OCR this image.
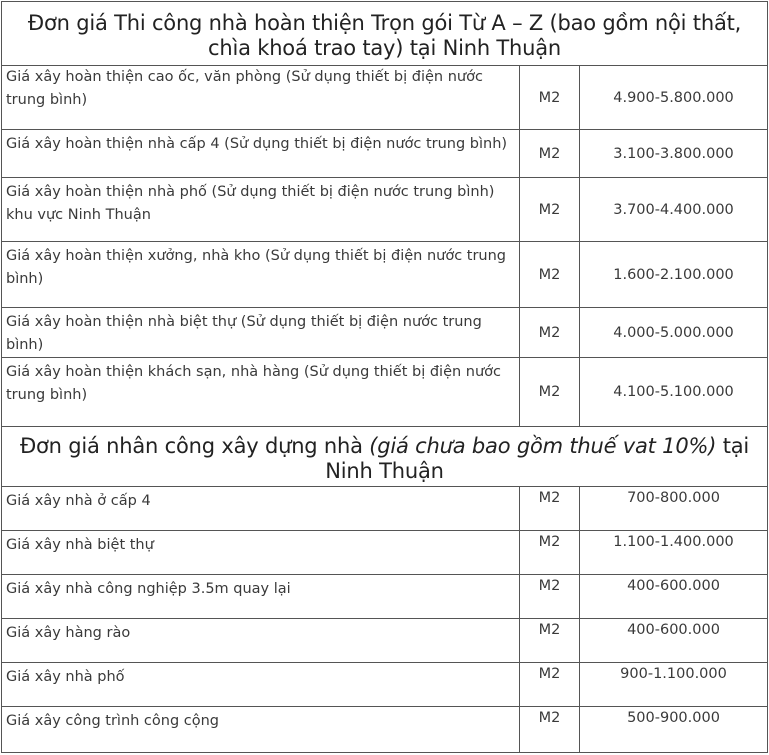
Đơn giá Thi công nhà hoàn thiện Trọn gói Từ A – Z (bao gồm nội thất, chìa khoá trao tay) tại Ninh Thuận		
Giá xây hoàn thiện cao ốc, văn phòng (Sử dụng thiết bị điện nước trung bình)	M2	4.900-5.800.000
Giá xây hoàn thiện nhà cấp 4 (Sử dụng thiết bị điện nước trung bình)	M2	3.100-3.800.000
Giá xây hoàn thiện nhà phố (Sử dụng thiết bị điện nước trung bình) khu vực Ninh Thuận	M2	3.700-4.400.000
Giá xây hoàn thiện xưởng, nhà kho (Sử dụng thiết bị điện nước trung bình)	M2	1.600-2.100.000
Giá xây hoàn thiện nhà biệt thự (Sử dụng thiết bị điện nước trung bình)	M2	4.000-5.000.000
Giá xây hoàn thiện khách sạn, nhà hàng (Sử dụng thiết bị điện nước trung bình)	M2	4.100-5.100.000
Đơn giá nhân công xây dựng nhà (giá chưa bao gồm thuế vat 10%) tại Ninh Thuận		
Giá xây nhà ở cấp 4	M2	700-800.000
Giá xây nhà biệt thự	M2	1.100-1.400.000
Giá xây nhà công nghiệp 3.5m quay lại	M2	400-600.000
Giá xây hàng rào	M2	400-600.000
Giá xây nhà phố	M2	900-1.100.000
Giá xây công trình công cộng	M2	500-900.000
